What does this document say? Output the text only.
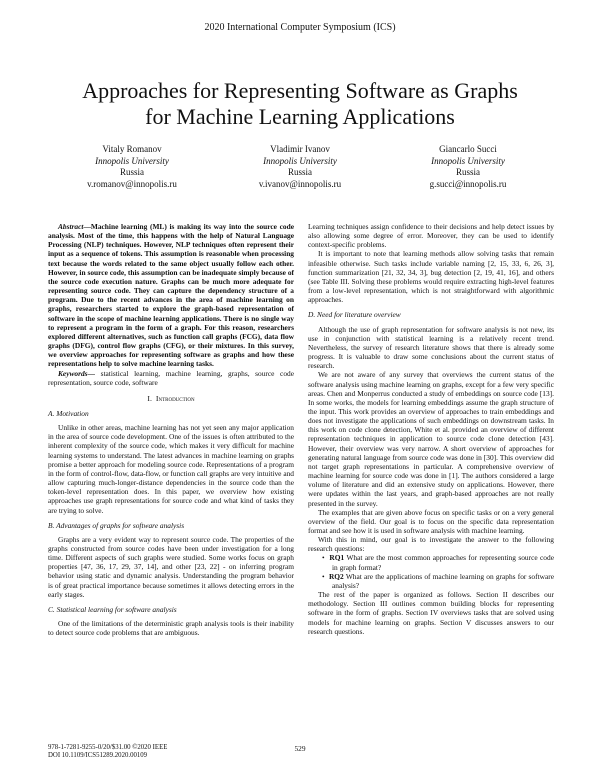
2020 International Computer Symposium (ICS)
Approaches for Representing Software as Graphs
for Machine Learning Applications
Vitaly Romanov
Innopolis University
Russia
v.romanov@innopolis.ru
Vladimir Ivanov
Innopolis University
Russia
v.ivanov@innopolis.ru
Giancarlo Succi
Innopolis University
Russia
g.succi@innopolis.ru

Abstract—Machine learning (ML) is making its way into the source code analysis. Most of the time, this happens with the help of Natural Language Processing (NLP) techniques. However, NLP techniques often represent their input as a sequence of tokens. This assumption is reasonable when processing text because the words related to the same object usually follow each other. However, in source code, this assumption can be inadequate simply because of the source code execution nature. Graphs can be much more adequate for representing source code. They can capture the dependency structure of a program. Due to the recent advances in the area of machine learning on graphs, researchers started to explore the graph-based representation of software in the scope of machine learning applications. There is no single way to represent a program in the form of a graph. For this reason, researchers explored different alternatives, such as function call graphs (FCG), data flow graphs (DFG), control flow graphs (CFG), or their mixtures. In this survey, we overview approaches for representing software as graphs and how these representations help to solve machine learning tasks.

Keywords— statistical learning, machine learning, graphs, source code representation, source code, software

I. Introduction

A. Motivation

Unlike in other areas, machine learning has not yet seen any major application in the area of source code development. One of the issues is often attributed to the inherent complexity of the source code, which makes it very difficult for machine learning systems to understand. The latest advances in machine learning on graphs promise a better approach for modeling source code. Representations of a program in the form of control-flow, data-flow, or function call graphs are very intuitive and allow capturing much-longer-distance dependencies in the source code than the token-level representation does. In this paper, we overview how existing approaches use graph representations for source code and what kind of tasks they are trying to solve.

B. Advantages of graphs for software analysis

Graphs are a very evident way to represent source code. The properties of the graphs constructed from source codes have been under investigation for a long time. Different aspects of such graphs were studied. Some works focus on graph properties [47, 36, 17, 29, 37, 14], and other [23, 22] - on inferring program behavior using static and dynamic analysis. Understanding the program behavior is of great practical importance because sometimes it allows detecting errors in the early stages.

C. Statistical learning for software analysis

One of the limitations of the deterministic graph analysis tools is their inability to detect source code problems that are ambiguous.

Learning techniques assign confidence to their decisions and help detect issues by also allowing some degree of error. Moreover, they can be used to identify context-specific problems.

It is important to note that learning methods allow solving tasks that remain infeasible otherwise. Such tasks include variable naming [2, 15, 33, 6, 26, 3], function summarization [21, 32, 34, 3], bug detection [2, 19, 41, 16], and others (see Table III. Solving these problems would require extracting high-level features from a low-level representation, which is not straightforward with algorithmic approaches.

D. Need for literature overview

Although the use of graph representation for software analysis is not new, its use in conjunction with statistical learning is a relatively recent trend. Nevertheless, the survey of research literature shows that there is already some progress. It is valuable to draw some conclusions about the current status of research.

We are not aware of any survey that overviews the current status of the software analysis using machine learning on graphs, except for a few very specific areas. Chen and Monperrus conducted a study of embeddings on source code [13]. In some works, the models for learning embeddings assume the graph structure of the input. This work provides an overview of approaches to train embeddings and does not investigate the applications of such embeddings on downstream tasks. In this work on code clone detection, White et al. provided an overview of different representation techniques in application to source code clone detection [43]. However, their overview was very narrow. A short overview of approaches for generating natural language from source code was done in [30]. This overview did not target graph representations in particular. A comprehensive overview of machine learning for source code was done in [1]. The authors considered a large volume of literature and did an extensive study on applications. However, there were updates within the last years, and graph-based approaches are not really presented in the survey.

The examples that are given above focus on specific tasks or on a very general overview of the field. Our goal is to focus on the specific data representation format and see how it is used in software analysis with machine learning.

With this in mind, our goal is to investigate the answer to the following research questions:

•  RQ1 What are the most common approaches for representing source code in graph format?

•  RQ2 What are the applications of machine learning on graphs for software analysis?

The rest of the paper is organized as follows. Section II describes our methodology. Section III outlines common building blocks for representing software in the form of graphs. Section IV overviews tasks that are solved using models for machine learning on graphs. Section V discusses answers to our research questions.

978-1-7281-9255-0/20/$31.00 ©2020 IEEE
DOI 10.1109/ICS51289.2020.00109
529
